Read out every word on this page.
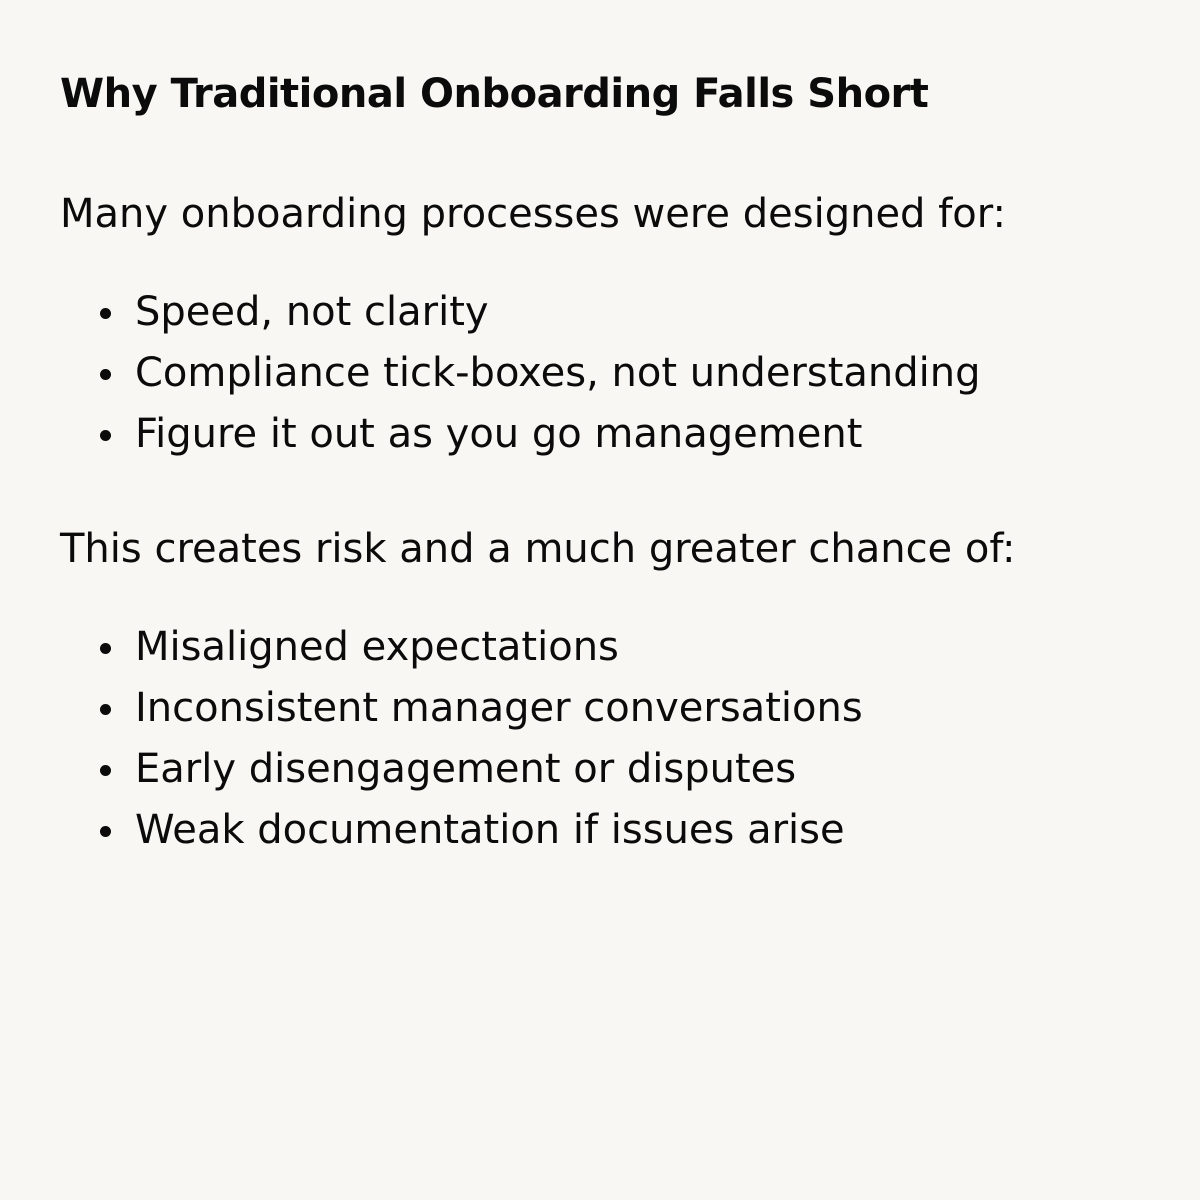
Why Traditional Onboarding Falls Short

Many onboarding processes were designed for:

Speed, not clarity
Compliance tick-boxes, not understanding
Figure it out as you go management

This creates risk and a much greater chance of:

Misaligned expectations
Inconsistent manager conversations
Early disengagement or disputes
Weak documentation if issues arise
